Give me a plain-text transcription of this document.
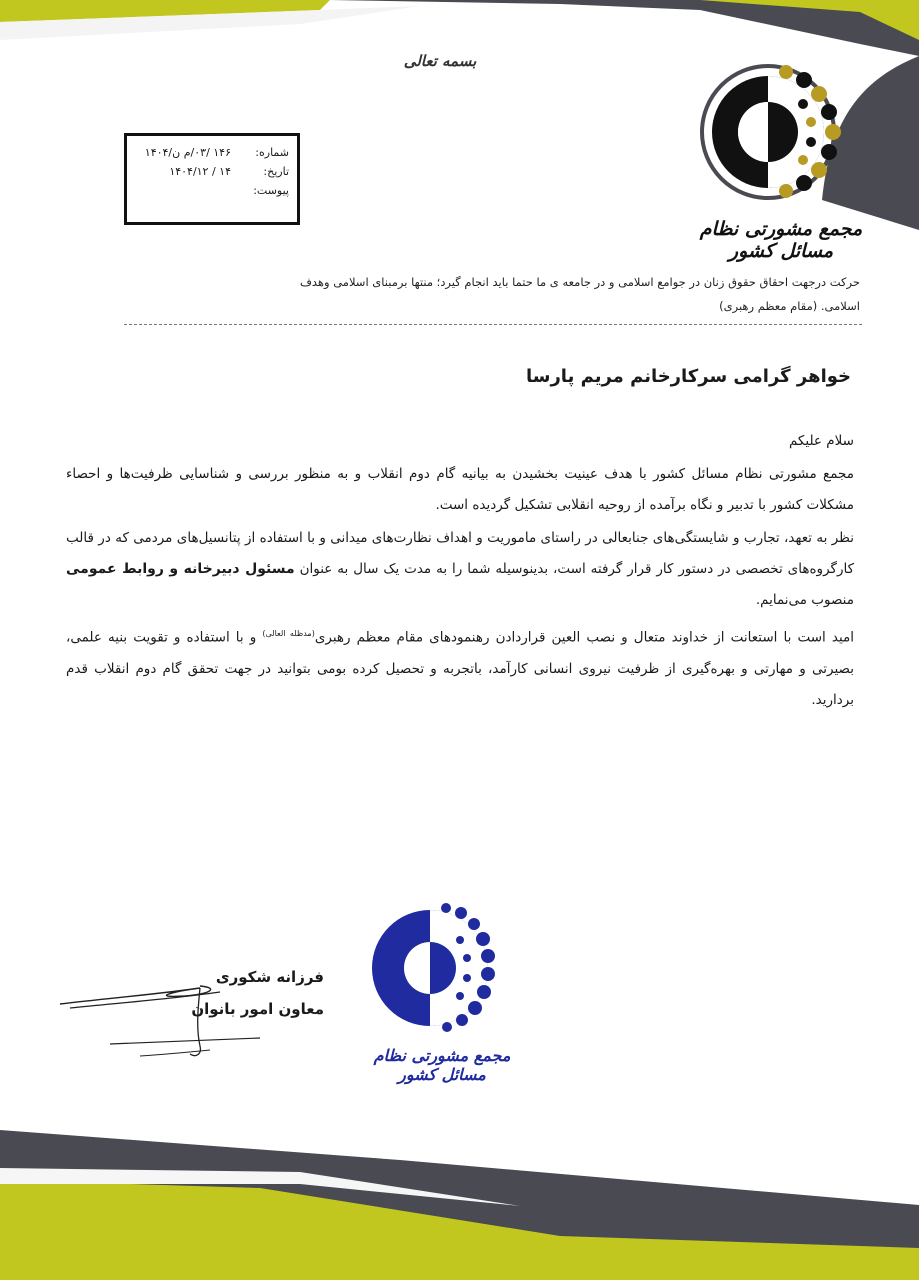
بسمه تعالی
مجمع مشورتی نظام مسائل کشور
شماره:
۱۴۶ /۰۳/م ن/۱۴۰۴
تاریخ:
۱۴ / ۱۴۰۴/۱۲
پیوست:
حرکت درجهت احقاق حقوق زنان در جوامع اسلامی و در جامعه ی ما حتما باید انجام گیرد؛ منتها برمبنای اسلامی وهدف
اسلامی. (مقام معظم رهبری)
خواهر گرامی سرکارخانم مریم پارسا

سلام علیکم

مجمع مشورتی نظام مسائل کشور با هدف عینیت بخشیدن به بیانیه گام دوم انقلاب و به منظور بررسی و شناسایی ظرفیت‌ها و احصاء مشکلات کشور با تدبیر و نگاه برآمده از روحیه انقلابی تشکیل گردیده است.

نظر به تعهد، تجارب و شایستگی‌های جنابعالی در راستای ماموریت و اهداف نظارت‌های میدانی و با استفاده از پتانسیل‌های مردمی که در قالب کارگروه‌های تخصصی در دستور کار قرار گرفته است، بدینوسیله شما را به مدت یک سال به عنوان مسئول دبیرخانه و روابط عمومی منصوب می‌نمایم.

امید است با استعانت از خداوند متعال و نصب العین قراردادن رهنمودهای مقام معظم رهبری$^{(مدظله العالی)}$ و با استفاده و تقویت بنیه علمی، بصیرتی و مهارتی و بهره‌گیری از ظرفیت نیروی انسانی کارآمد، باتجربه و تحصیل کرده بومی بتوانید در جهت تحقق گام دوم انقلاب قدم بردارید.

فرزانه شکوری
معاون امور بانوان
مجمع مشورتی نظام مسائل کشور
